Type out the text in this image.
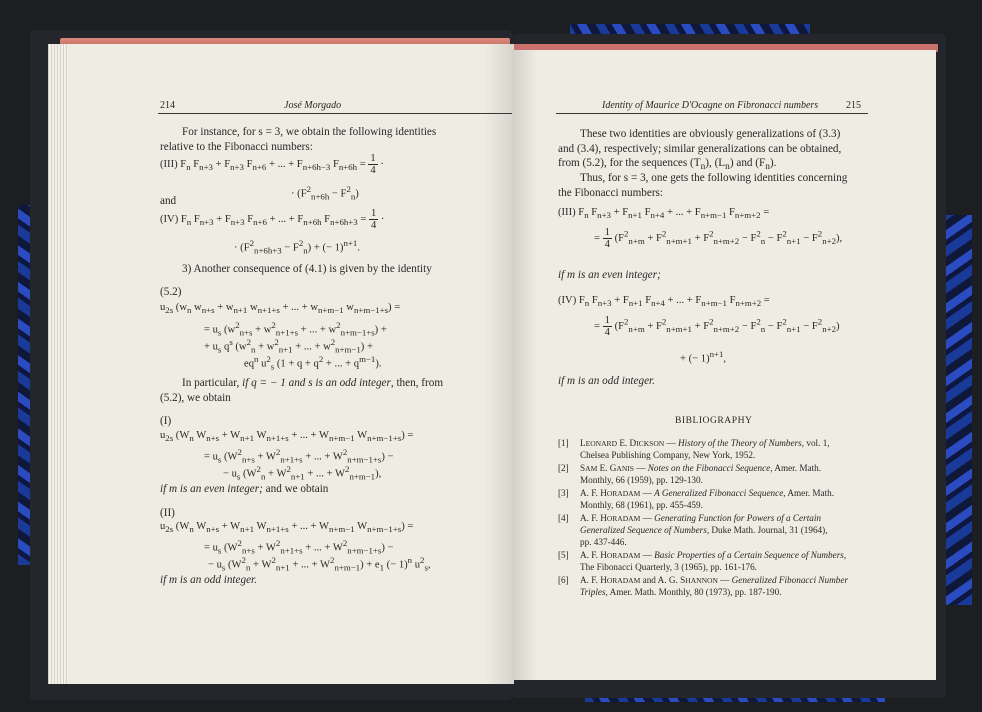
214	José Morgado
For instance, for s = 3, we obtain the following identities
relative to the Fibonacci numbers:
(III) $F_n$ $F_{n+3} + F_{n+3}$ $F_{n+6}$ + ... + $F_{n+6h-3}$ $F_{n+6h} = \frac{1}{4}$ ·
· $(F^2_{n+6h} - F^2_n)$
and
(IV) $F_n$ $F_{n+3} + F_{n+3}$ $F_{n+6}$ + ... + $F_{n+6h}$ $F_{n+6h+3} = \frac{1}{4}$ ·
· $(F^2_{n+6h+3} - F^2_n)$ + (− 1)$^{n+1}$.
3) Another consequence of (4.1) is given by the identity
(5.2)
$u_{2s}$ ($w_n$ $w_{n+s} + w_{n+1}$ $w_{n+1+s}$ + ... + $w_{n+m-1}$ $w_{n+m-1+s}$) =
= $u_s$ ($w^2_{n+s} + w^2_{n+1+s}$ + ... + $w^2_{n+m-1+s}$) +
+ $u_s$ $q^s$ ($w^2_n + w^2_{n+1}$ + ... + $w^2_{n+m-1}$) +
$eq^n$ $u^2_s$ ($1 + q + q^2$ + ... + $q^{m-1}$).
In particular, if q = − 1 and s is an odd integer, then, from
(5.2), we obtain
(I)
$u_{2s}$ ($W_n$ $W_{n+s} + W_{n+1}$ $W_{n+1+s}$ + ... + $W_{n+m-1}$ $W_{n+m-1+s}$) =
= $u_s$ ($W^2_{n+s} + W^2_{n+1+s}$ + ... + $W^2_{n+m-1+s}$) −
− $u_s$ ($W^2_n + W^2_{n+1}$ + ... + $W^2_{n+m-1}$),
if m is an even integer; and we obtain
(II)
$u_{2s}$ ($W_n$ $W_{n+s} + W_{n+1}$ $W_{n+1+s}$ + ... + $W_{n+m-1}$ $W_{n+m-1+s}$) =
= $u_s$ ($W^2_{n+s} + W^2_{n+1+s}$ + ... + $W^2_{n+m-1+s}$) −
− $u_s$ ($W^2_n + W^2_{n+1}$ + ... + $W^2_{n+m-1}) + e_1$ (− 1)$^n$ $u^2_s$,
if m is an odd integer.
Identity of Maurice D'Ocagne on Fibronacci numbers	215
These two identities are obviously generalizations of (3.3)
and (3.4), respectively; similar generalizations can be obtained,
from (5.2), for the sequences $(T_n)$, $(L_n)$ and $(F_n)$.
Thus, for s = 3, one gets the following identities concerning
the Fibonacci numbers:
(III) $F_n$ $F_{n+3} + F_{n+1}$ $F_{n+4}$ + ... + $F_{n+m-1}$ $F_{n+m+2}$ =
= $\frac{1}{4} (F^2_{n+m} + F^2_{n+m+1} + F^2_{n+m+2} - F^2_n - F^2_{n+1} - F^2_{n+2})$,
if m is an even integer;
(IV) $F_n$ $F_{n+3} + F_{n+1}$ $F_{n+4}$ + ... + $F_{n+m-1}$ $F_{n+m+2}$ =
= $\frac{1}{4} (F^2_{n+m} + F^2_{n+m+1} + F^2_{n+m+2} - F^2_n - F^2_{n+1} - F^2_{n+2})$
+ (− 1)$^{n+1}$,
if m is an odd integer.
BIBLIOGRAPHY
[1] LEONARD E. DICKSON — History of the Theory of Numbers, vol. 1,
Chelsea Publishing Company, New York, 1952.
[2] SAM E. GANIS — Notes on the Fibonacci Sequence, Amer. Math.
Monthly, 66 (1959), pp. 129-130.
[3] A. F. HORADAM — A Generalized Fibonacci Sequence, Amer. Math.
Monthly, 68 (1961), pp. 455-459.
[4] A. F. HORADAM — Generating Function for Powers of a Certain
Generalized Sequence of Numbers, Duke Math. Journal, 31 (1964),
pp. 437-446.
[5] A. F. HORADAM — Basic Properties of a Certain Sequence of Numbers,
The Fibonacci Quarterly, 3 (1965), pp. 161-176.
[6] A. F. HORADAM and A. G. SHANNON — Generalized Fibonacci Number
Triples, Amer. Math. Monthly, 80 (1973), pp. 187-190.
